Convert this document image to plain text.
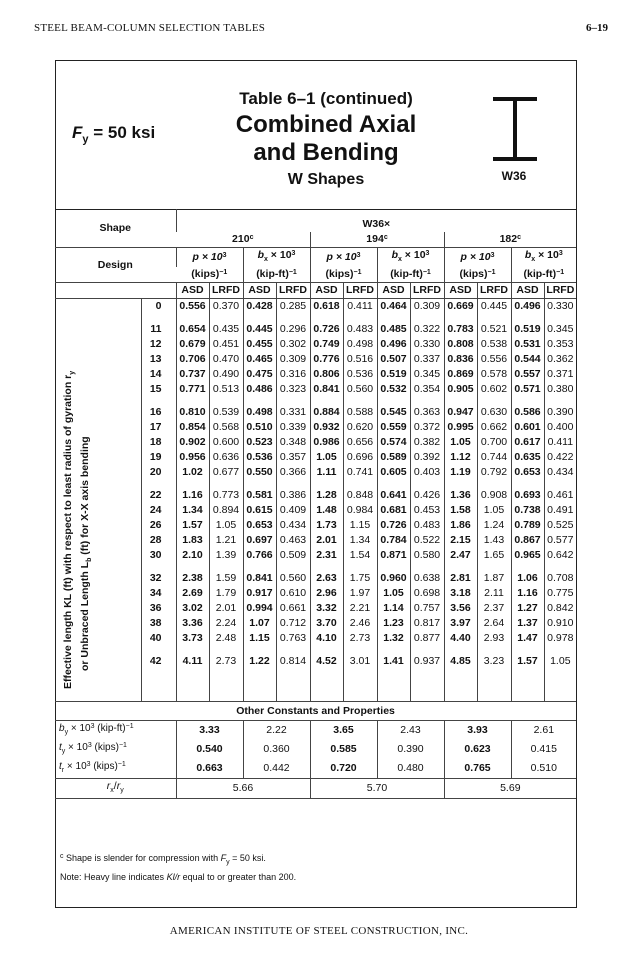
STEEL BEAM-COLUMN SELECTION TABLES	6–19
$F_y = 50$ ksi
Table 6–1 (continued)
Combined Axial
and Bending
W Shapes	W36
Shape		W36×											
		210$^c$				194$^c$				182$^c$
Design		$p \times 10^3$		$b_x \times 10^3$		$p \times 10^3$		$b_x \times 10^3$		$p \times 10^3$		$b_x \times 10^3$
		(kips)$^{-1}$		$(kip-ft)^{-1}$		(kips)$^{-1}$		$(kip-ft)^{-1}$		(kips)$^{-1}$		$(kip-ft)^{-1}$
		ASD	LRFD	ASD	LRFD	ASD	LRFD	ASD	LRFD	ASD	LRFD	ASD	LRFD
	0	0.556	0.370	0.428	0.285	0.618	0.411	0.464	0.309	0.669	0.445	0.496	0.330

	11	0.654	0.435	0.445	0.296	0.726	0.483	0.485	0.322	0.783	0.521	0.519	0.345
	12	0.679	0.451	0.455	0.302	0.749	0.498	0.496	0.330	0.808	0.538	0.531	0.353
	13	0.706	0.470	0.465	0.309	0.776	0.516	0.507	0.337	0.836	0.556	0.544	0.362
	14	0.737	0.490	0.475	0.316	0.806	0.536	0.519	0.345	0.869	0.578	0.557	0.371
	15	0.771	0.513	0.486	0.323	0.841	0.560	0.532	0.354	0.905	0.602	0.571	0.380

	16	0.810	0.539	0.498	0.331	0.884	0.588	0.545	0.363	0.947	0.630	0.586	0.390
	17	0.854	0.568	0.510	0.339	0.932	0.620	0.559	0.372	0.995	0.662	0.601	0.400
	18	0.902	0.600	0.523	0.348	0.986	0.656	0.574	0.382	1.05	0.700	0.617	0.411
	19	0.956	0.636	0.536	0.357	1.05	0.696	0.589	0.392	1.12	0.744	0.635	0.422
	20	1.02	0.677	0.550	0.366	1.11	0.741	0.605	0.403	1.19	0.792	0.653	0.434

	22	1.16	0.773	0.581	0.386	1.28	0.848	0.641	0.426	1.36	0.908	0.693	0.461
	24	1.34	0.894	0.615	0.409	1.48	0.984	0.681	0.453	1.58	1.05	0.738	0.491
	26	1.57	1.05	0.653	0.434	1.73	1.15	0.726	0.483	1.86	1.24	0.789	0.525
	28	1.83	1.21	0.697	0.463	2.01	1.34	0.784	0.522	2.15	1.43	0.867	0.577
	30	2.10	1.39	0.766	0.509	2.31	1.54	0.871	0.580	2.47	1.65	0.965	0.642

	32	2.38	1.59	0.841	0.560	2.63	1.75	0.960	0.638	2.81	1.87	1.06	0.708
	34	2.69	1.79	0.917	0.610	2.96	1.97	1.05	0.698	3.18	2.11	1.16	0.775
	36	3.02	2.01	0.994	0.661	3.32	2.21	1.14	0.757	3.56	2.37	1.27	0.842
	38	3.36	2.24	1.07	0.712	3.70	2.46	1.23	0.817	3.97	2.64	1.37	0.910
	40	3.73	2.48	1.15	0.763	4.10	2.73	1.32	0.877	4.40	2.93	1.47	0.978

	42	4.11	2.73	1.22	0.814	4.52	3.01	1.41	0.937	4.85	3.23	1.57	1.05

Other Constants and Properties													
$b_y \times 10^3$ $(kip-ft)^{-1}$		3.33		2.22		3.65		2.43		3.93		2.61	
$t_y \times 10^3$ (kips)$^{-1}$		0.540		0.360		0.585		0.390		0.623		0.415	
$t_r \times 10^3$ (kips)$^{-1}$		0.663		0.442		0.720		0.480		0.765		0.510	
$r_x/r_y$		5.66				5.70				5.69			

Effective length KL (ft) with respect to least radius of gyration $r_y$
or Unbraced Length $L_b$ (ft) for X-X axis bending
$^c$ Shape is slender for compression with $F_y = 50$ ksi.
Note: Heavy line indicates Kl/r equal to or greater than 200.
AMERICAN INSTITUTE OF STEEL CONSTRUCTION, INC.
